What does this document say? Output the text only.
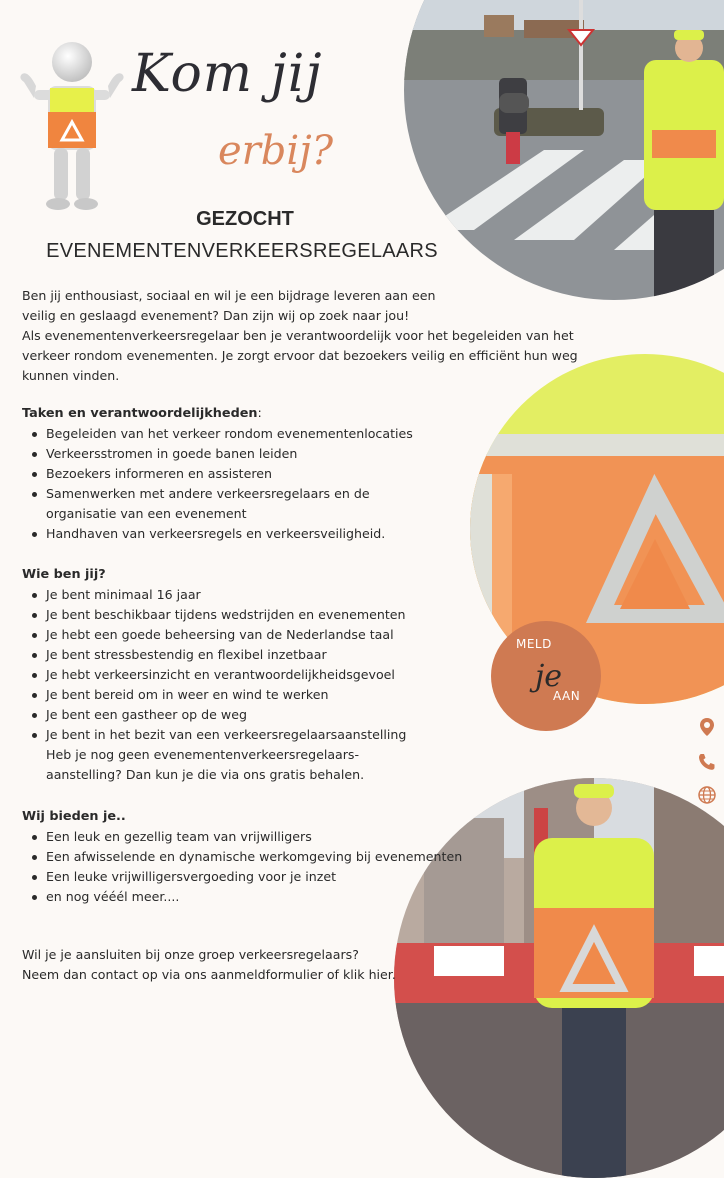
Kom jij
erbij?
GEZOCHT
EVENEMENTENVERKEERSREGELAARS
MELD
je
AAN
Ben jij enthousiast, sociaal en wil je een bijdrage leveren aan een
veilig en geslaagd evenement? Dan zijn wij op zoek naar jou!
Als evenementenverkeersregelaar ben je verantwoordelijk voor het begeleiden van het
verkeer rondom evenementen. Je zorgt ervoor dat bezoekers veilig en efficiënt hun weg
kunnen vinden.
Taken en verantwoordelijkheden:
Begeleiden van het verkeer rondom evenementenlocaties
Verkeersstromen in goede banen leiden
Bezoekers informeren en assisteren
Samenwerken met andere verkeersregelaars en de
organisatie van een evenement
Handhaven van verkeersregels en verkeersveiligheid.
Wie ben jij?
Je bent minimaal 16 jaar
Je bent beschikbaar tijdens wedstrijden en evenementen
Je hebt een goede beheersing van de Nederlandse taal
Je bent stressbestendig en flexibel inzetbaar
Je hebt verkeersinzicht en verantwoordelijkheidsgevoel
Je bent bereid om in weer en wind te werken
Je bent een gastheer op de weg
Je bent in het bezit van een verkeersregelaarsaanstelling
Heb je nog geen evenementenverkeersregelaars-
aanstelling? Dan kun je die via ons gratis behalen.
Wij bieden je..
Een leuk en gezellig team van vrijwilligers
Een afwisselende en dynamische werkomgeving bij evenementen
Een leuke vrijwilligersvergoeding voor je inzet
en nog vééél meer....
Wil je je aansluiten bij onze groep verkeersregelaars?
Neem dan contact op via ons aanmeldformulier of klik hier.
